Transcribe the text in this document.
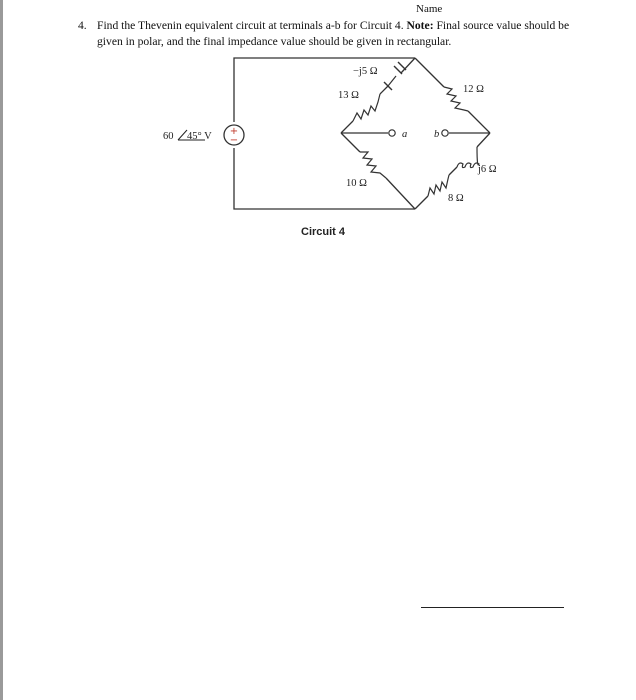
Name
4. Find the Thevenin equivalent circuit at terminals a-b for Circuit 4. Note: Final source value should be given in polar, and the final impedance value should be given in rectangular.
+
−
60 45° V
−j5 Ω
13 Ω
12 Ω
a	b
j6 Ω
10 Ω
8 Ω
Circuit 4
